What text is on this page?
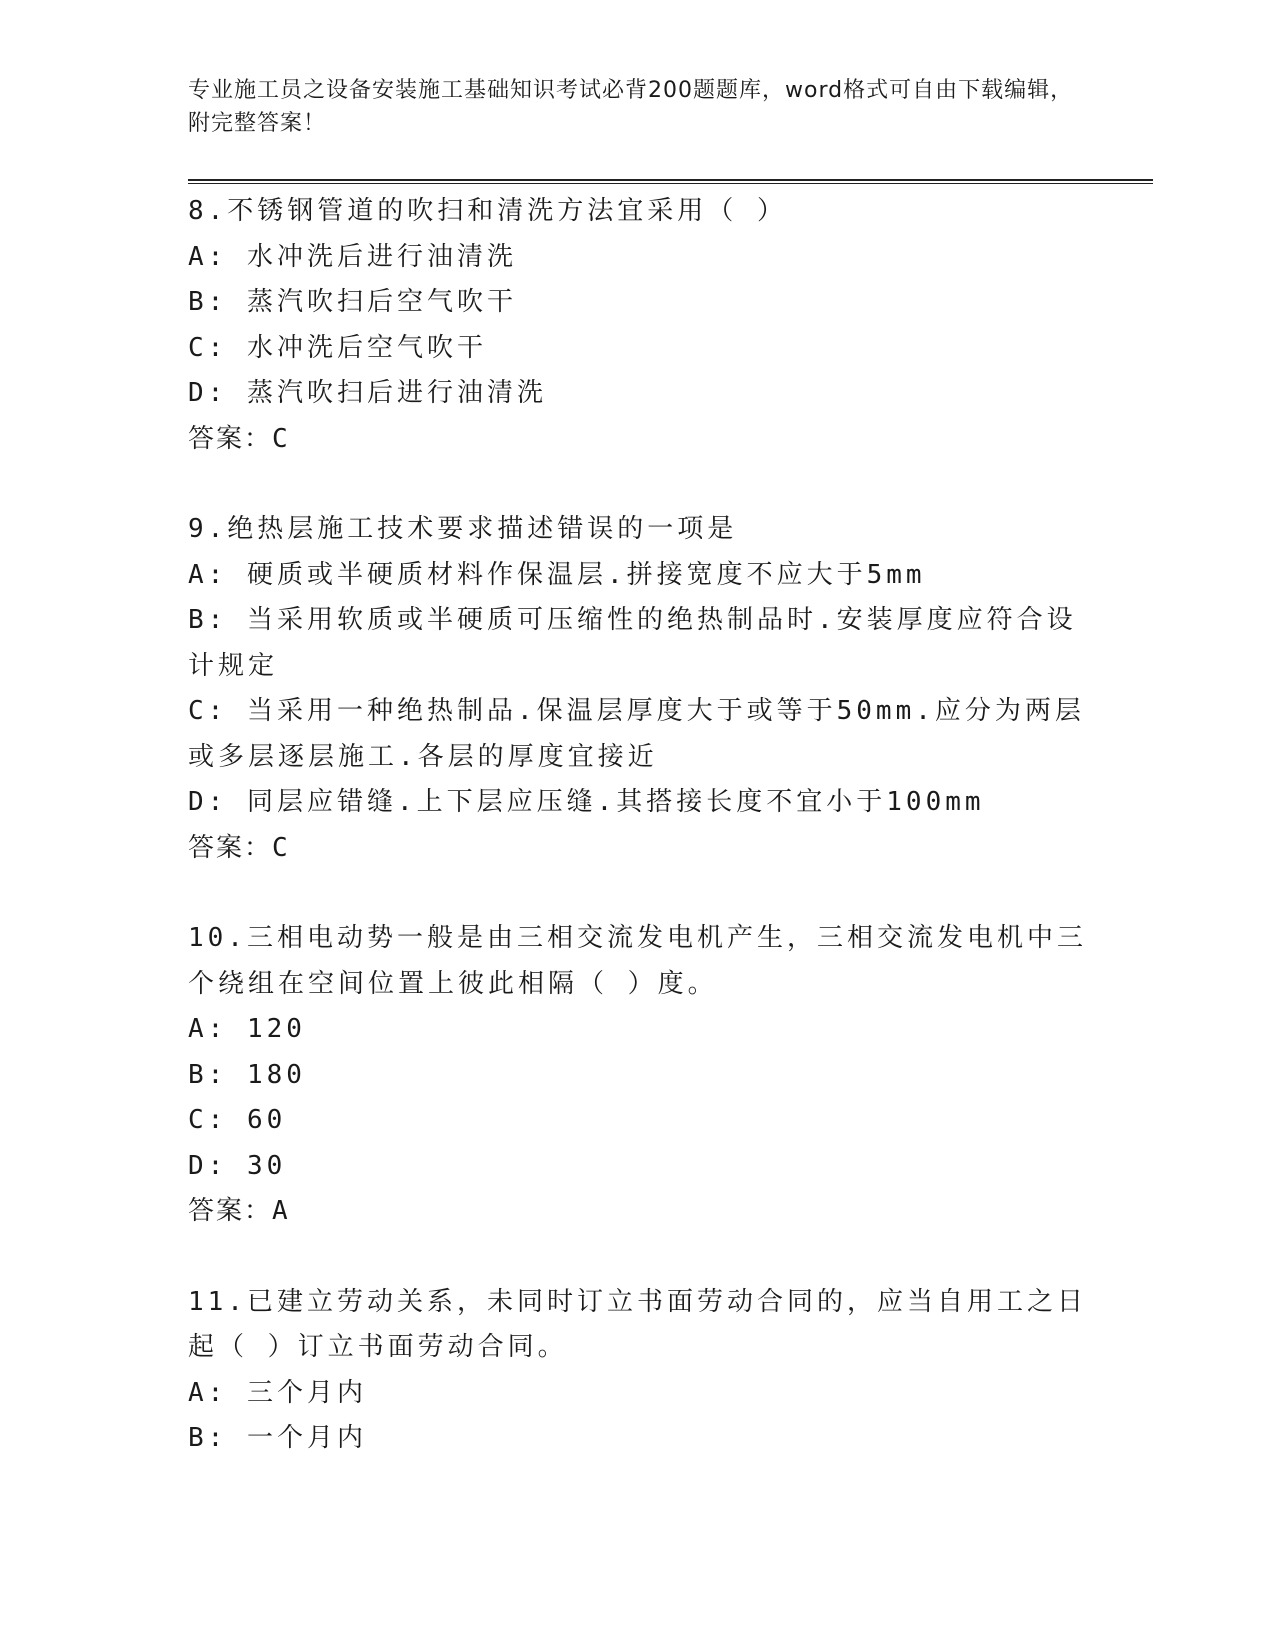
专业施工员之设备安装施工基础知识考试必背200题题库，word格式可自由下载编辑，附完整答案！
8.不锈钢管道的吹扫和清洗方法宜采用（ ）
A: 水冲洗后进行油清洗
B: 蒸汽吹扫后空气吹干
C: 水冲洗后空气吹干
D: 蒸汽吹扫后进行油清洗
答案：C
9.绝热层施工技术要求描述错误的一项是
A: 硬质或半硬质材料作保温层.拼接宽度不应大于5mm
B: 当采用软质或半硬质可压缩性的绝热制品时.安装厚度应符合设计规定
C: 当采用一种绝热制品.保温层厚度大于或等于50mm.应分为两层或多层逐层施工.各层的厚度宜接近
D: 同层应错缝.上下层应压缝.其搭接长度不宜小于100mm
答案：C
10.三相电动势一般是由三相交流发电机产生，三相交流发电机中三个绕组在空间位置上彼此相隔（ ）度。
A: 120
B: 180
C: 60
D: 30
答案：A
11.已建立劳动关系，未同时订立书面劳动合同的，应当自用工之日起（ ）订立书面劳动合同。
A: 三个月内
B: 一个月内
